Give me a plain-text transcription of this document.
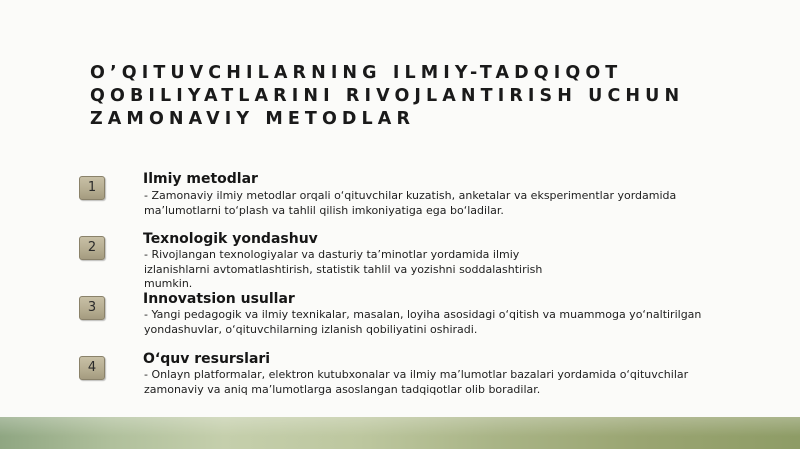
O’QITUVCHILARNING ILMIY-TADQIQOT QOBILIYATLARINI RIVOJLANTIRISH UCHUN ZAMONAVIY METODLAR
1
Ilmiy metodlar

- Zamonaviy ilmiy metodlar orqali o‘qituvchilar kuzatish, anketalar va eksperimentlar yordamida ma’lumotlarni to‘plash va tahlil qilish imkoniyatiga ega bo‘ladilar.

2
Texnologik yondashuv

- Rivojlangan texnologiyalar va dasturiy ta’minotlar yordamida ilmiy izlanishlarni avtomatlashtirish, statistik tahlil va yozishni soddalashtirish mumkin.

3
Innovatsion usullar

- Yangi pedagogik va ilmiy texnikalar, masalan, loyiha asosidagi o‘qitish va muammoga yo‘naltirilgan yondashuvlar, o‘qituvchilarning izlanish qobiliyatini oshiradi.

4
O‘quv resurslari

- Onlayn platformalar, elektron kutubxonalar va ilmiy ma’lumotlar bazalari yordamida o‘qituvchilar zamonaviy va aniq ma’lumotlarga asoslangan tadqiqotlar olib boradilar.
